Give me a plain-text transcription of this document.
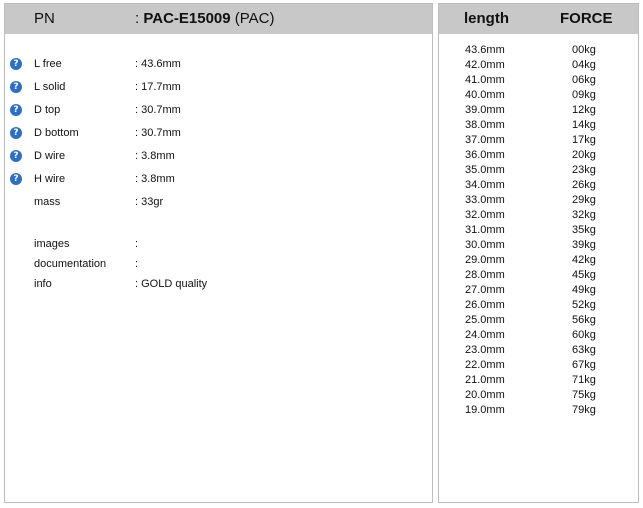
PN	: PAC-E15009 (PAC)
?	L free	: 43.6mm
?	L solid	: 17.7mm
?	D top	: 30.7mm
?	D bottom	: 30.7mm
?	D wire	: 3.8mm
?	H wire	: 3.8mm
mass	: 33gr
images	:
documentation	:
info	: GOLD quality
length	FORCE
43.6mm	00kg
42.0mm	04kg
41.0mm	06kg
40.0mm	09kg
39.0mm	12kg
38.0mm	14kg
37.0mm	17kg
36.0mm	20kg
35.0mm	23kg
34.0mm	26kg
33.0mm	29kg
32.0mm	32kg
31.0mm	35kg
30.0mm	39kg
29.0mm	42kg
28.0mm	45kg
27.0mm	49kg
26.0mm	52kg
25.0mm	56kg
24.0mm	60kg
23.0mm	63kg
22.0mm	67kg
21.0mm	71kg
20.0mm	75kg
19.0mm	79kg
